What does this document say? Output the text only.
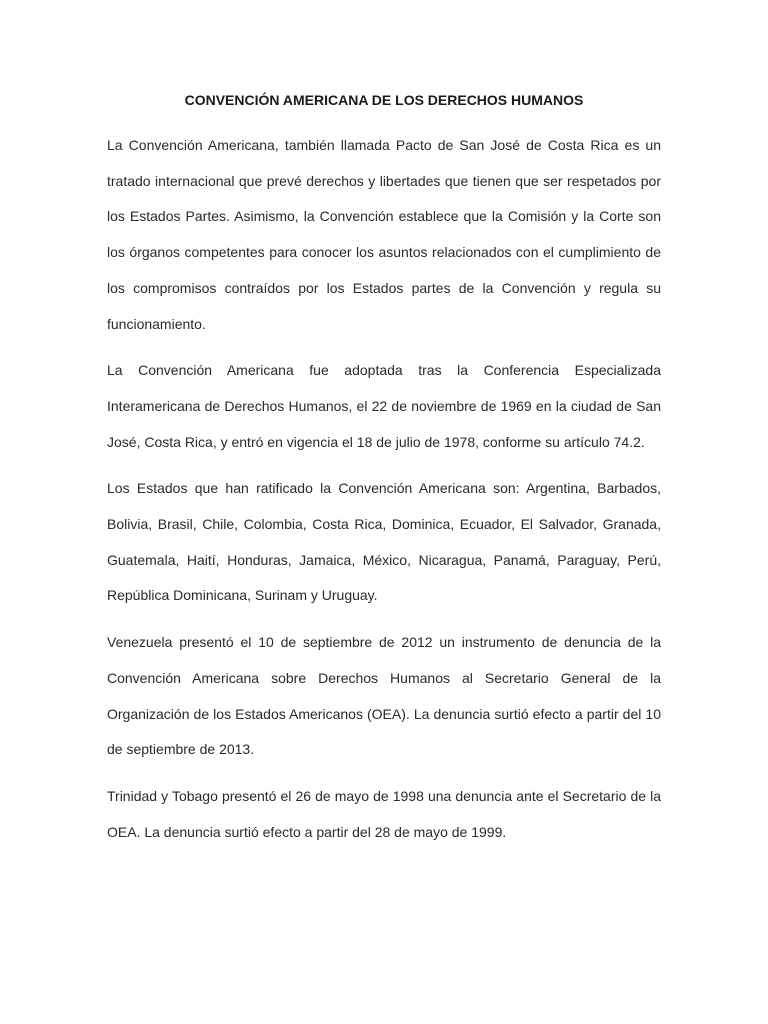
CONVENCIÓN AMERICANA DE LOS DERECHOS HUMANOS

La Convención Americana, también llamada Pacto de San José de Costa Rica es un tratado internacional que prevé derechos y libertades que tienen que ser respetados por los Estados Partes. Asimismo, la Convención establece que la Comisión y la Corte son los órganos competentes para conocer los asuntos relacionados con el cumplimiento de los compromisos contraídos por los Estados partes de la Convención y regula su funcionamiento.

La Convención Americana fue adoptada tras la Conferencia Especializada Interamericana de Derechos Humanos, el 22 de noviembre de 1969 en la ciudad de San José, Costa Rica, y entró en vigencia el 18 de julio de 1978, conforme su artículo 74.2.

Los Estados que han ratificado la Convención Americana son: Argentina, Barbados, Bolivia, Brasil, Chile, Colombia, Costa Rica, Dominica, Ecuador, El Salvador, Granada, Guatemala, Haití, Honduras, Jamaica, México, Nicaragua, Panamá, Paraguay, Perú, República Dominicana, Surinam y Uruguay.

Venezuela presentó el 10 de septiembre de 2012 un instrumento de denuncia de la Convención Americana sobre Derechos Humanos al Secretario General de la Organización de los Estados Americanos (OEA). La denuncia surtió efecto a partir del 10 de septiembre de 2013.

Trinidad y Tobago presentó el 26 de mayo de 1998 una denuncia ante el Secretario de la OEA. La denuncia surtió efecto a partir del 28 de mayo de 1999.
